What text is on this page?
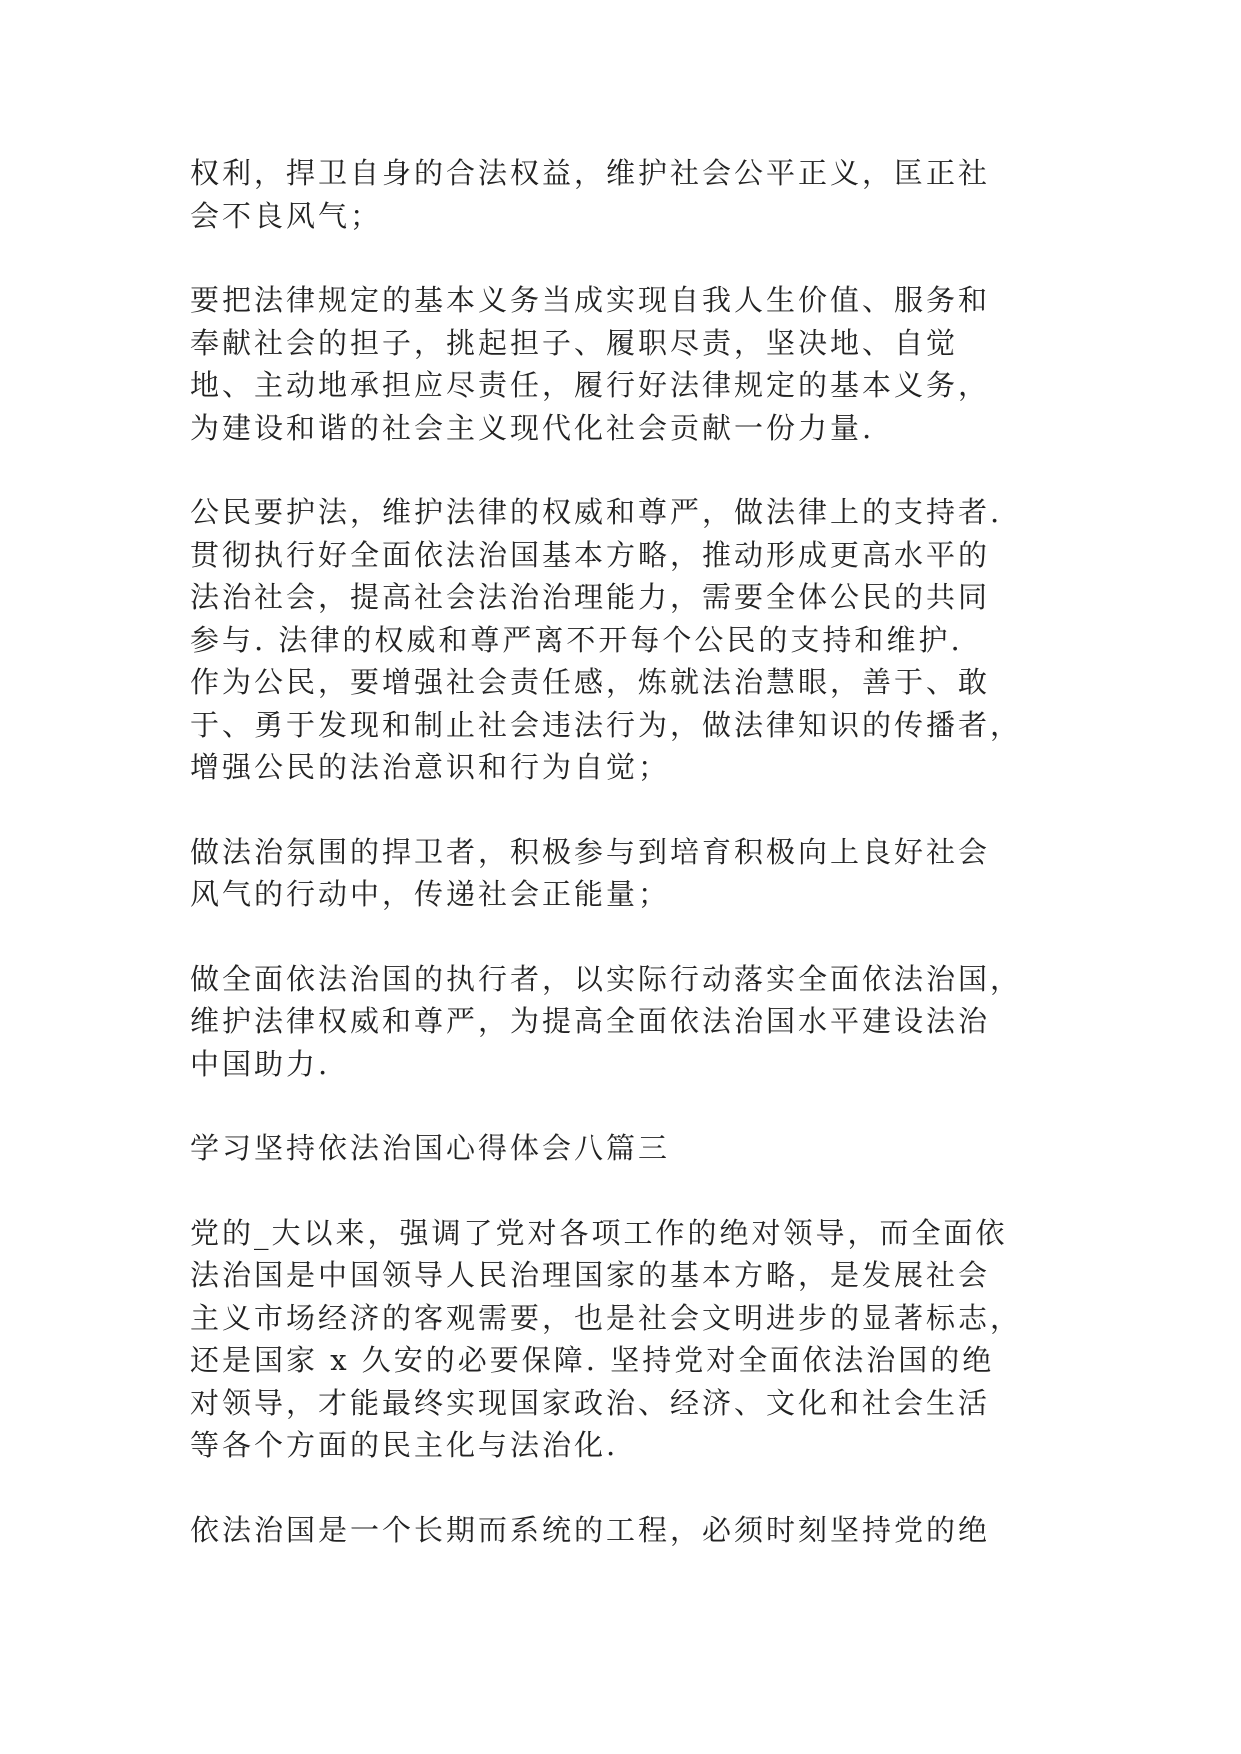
权利，捍卫自身的合法权益，维护社会公平正义，匡正社
会不良风气；
要把法律规定的基本义务当成实现自我人生价值、服务和
奉献社会的担子，挑起担子、履职尽责，坚决地、自觉
地、主动地承担应尽责任，履行好法律规定的基本义务，
为建设和谐的社会主义现代化社会贡献一份力量.
公民要护法，维护法律的权威和尊严，做法律上的支持者.
贯彻执行好全面依法治国基本方略，推动形成更高水平的
法治社会，提高社会法治治理能力，需要全体公民的共同
参与. 法律的权威和尊严离不开每个公民的支持和维护.
作为公民，要增强社会责任感，炼就法治慧眼，善于、敢
于、勇于发现和制止社会违法行为，做法律知识的传播者，
增强公民的法治意识和行为自觉；
做法治氛围的捍卫者，积极参与到培育积极向上良好社会
风气的行动中，传递社会正能量；
做全面依法治国的执行者，以实际行动落实全面依法治国，
维护法律权威和尊严，为提高全面依法治国水平建设法治
中国助力.
学习坚持依法治国心得体会八篇三
党的_大以来，强调了党对各项工作的绝对领导，而全面依
法治国是中国领导人民治理国家的基本方略，是发展社会
主义市场经济的客观需要，也是社会文明进步的显著标志，
还是国家 x 久安的必要保障. 坚持党对全面依法治国的绝
对领导，才能最终实现国家政治、经济、文化和社会生活
等各个方面的民主化与法治化.
依法治国是一个长期而系统的工程，必须时刻坚持党的绝
